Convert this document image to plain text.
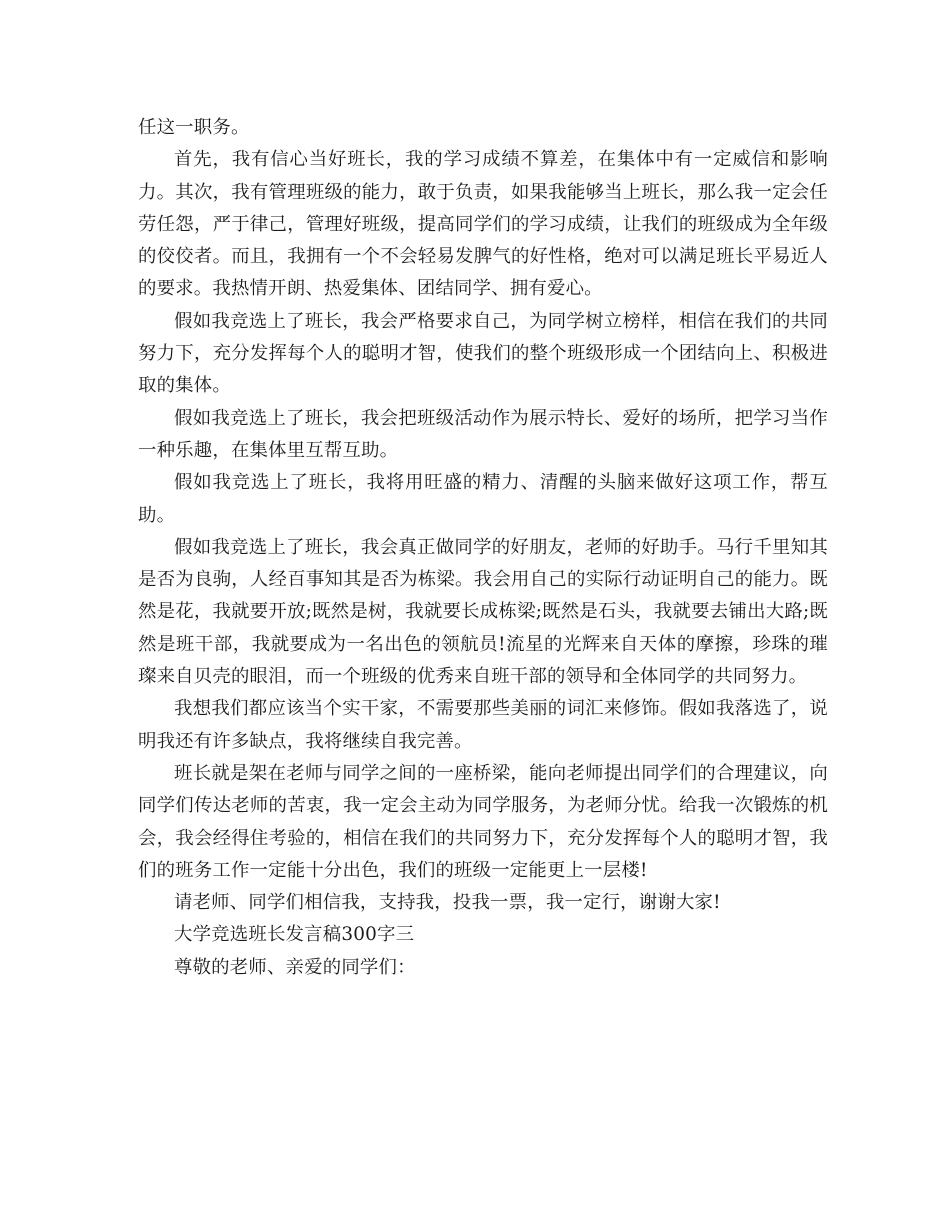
任这一职务。

首先，我有信心当好班长，我的学习成绩不算差，在集体中有一定威信和影响力。其次，我有管理班级的能力，敢于负责，如果我能够当上班长，那么我一定会任劳任怨，严于律己，管理好班级，提高同学们的学习成绩，让我们的班级成为全年级的佼佼者。而且，我拥有一个不会轻易发脾气的好性格，绝对可以满足班长平易近人的要求。我热情开朗、热爱集体、团结同学、拥有爱心。

假如我竞选上了班长，我会严格要求自己，为同学树立榜样，相信在我们的共同努力下，充分发挥每个人的聪明才智，使我们的整个班级形成一个团结向上、积极进取的集体。

假如我竞选上了班长，我会把班级活动作为展示特长、爱好的场所，把学习当作一种乐趣，在集体里互帮互助。

假如我竞选上了班长，我将用旺盛的精力、清醒的头脑来做好这项工作，帮互助。

假如我竞选上了班长，我会真正做同学的好朋友，老师的好助手。马行千里知其是否为良驹，人经百事知其是否为栋梁。我会用自己的实际行动证明自己的能力。既然是花，我就要开放;既然是树，我就要长成栋梁;既然是石头，我就要去铺出大路;既然是班干部，我就要成为一名出色的领航员!流星的光辉来自天体的摩擦，珍珠的璀璨来自贝壳的眼泪，而一个班级的优秀来自班干部的领导和全体同学的共同努力。

我想我们都应该当个实干家，不需要那些美丽的词汇来修饰。假如我落选了，说明我还有许多缺点，我将继续自我完善。

班长就是架在老师与同学之间的一座桥梁，能向老师提出同学们的合理建议，向同学们传达老师的苦衷，我一定会主动为同学服务，为老师分忧。给我一次锻炼的机会，我会经得住考验的，相信在我们的共同努力下，充分发挥每个人的聪明才智，我们的班务工作一定能十分出色，我们的班级一定能更上一层楼!

请老师、同学们相信我，支持我，投我一票，我一定行，谢谢大家!

大学竞选班长发言稿300字三

尊敬的老师、亲爱的同学们：
